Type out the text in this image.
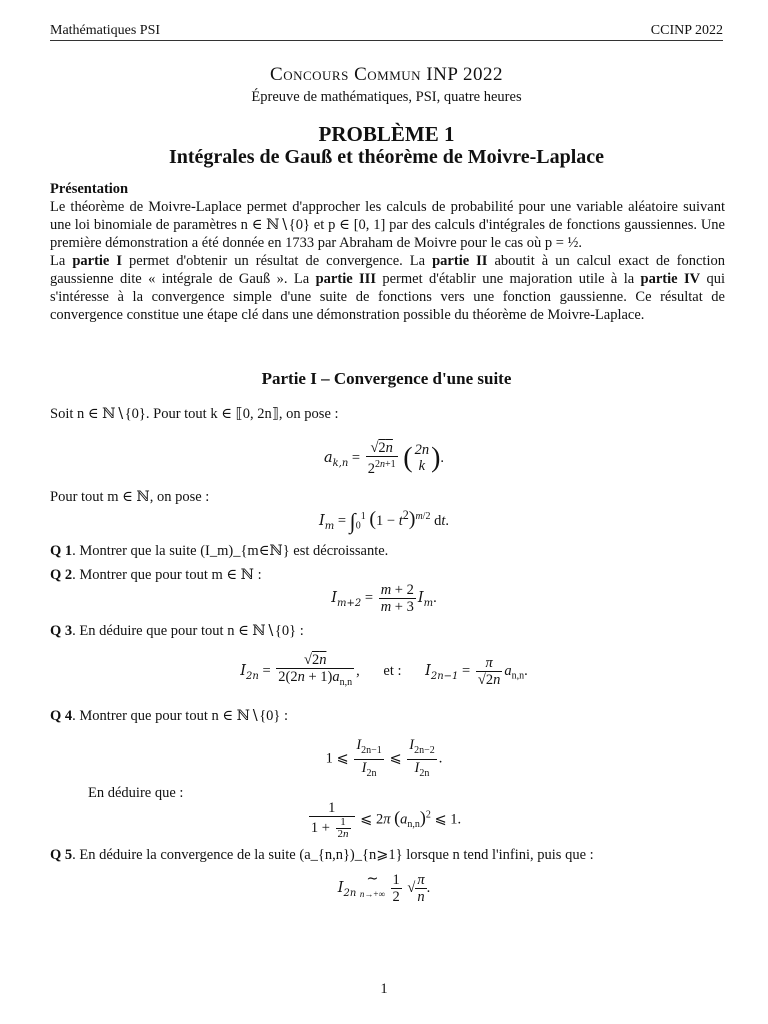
Mathématiques PSI	CCINP 2022
Concours Commun INP 2022
Épreuve de mathématiques, PSI, quatre heures
PROBLÈME 1
Intégrales de Gauß et théorème de Moivre-Laplace
Présentation
Le théorème de Moivre-Laplace permet d'approcher les calculs de probabilité pour une variable aléatoire suivant une loi binomiale de paramètres n ∈ ℕ∖{0} et p ∈ [0, 1] par des calculs d'intégrales de fonctions gaussiennes. Une première démonstration a été donnée en 1733 par Abraham de Moivre pour le cas où p = ½.
La partie I permet d'obtenir un résultat de convergence. La partie II aboutit à un calcul exact de fonction gaussienne dite « intégrale de Gauß ». La partie III permet d'établir une majoration utile à la partie IV qui s'intéresse à la convergence simple d'une suite de fonctions vers une fonction gaussienne. Ce résultat de convergence constitue une étape clé dans une démonstration possible du théorème de Moivre-Laplace.
Partie I – Convergence d'une suite
Soit n ∈ ℕ∖{0}. Pour tout k ∈ ⟦0, 2n⟧, on pose :
$a_{k,n} = \frac{√2n}{2^{2n+1}}$ ( 2n
k ).
Pour tout m ∈ ℕ, on pose :
$I_m = \int_0^1$ $(1 - t^2)^{m/2}$ dt.
Q 1. Montrer que la suite (I_m)_{m∈ℕ} est décroissante.
Q 2. Montrer que pour tout m ∈ ℕ :
$I_{m+2} = \frac{m + 2}{m + 3} I_m$.
Q 3. En déduire que pour tout n ∈ ℕ∖{0} :
$I_{2n} = \frac{√2n}{2(2n + 1)a_{n,n}}$ , et : $I_{2n-1} = \frac{\pi}{√2n} a_{n,n}$.
Q 4. Montrer que pour tout n ∈ ℕ∖{0} :
1 ⩽ $\frac{I_{2n-1}}{I_{2n}}$ ⩽ $\frac{I_{2n-2}}{I_{2n}}$ .
En déduire que :
$\frac{1}{1 + \frac{1}{2n}}$ ⩽ 2π $(a_{n,n})^2$ ⩽ 1.
Q 5. En déduire la convergence de la suite (a_{n,n})_{n⩾1} lorsque n tend l'infini, puis que :
$I_{2n}$ ∼
$n\to+\infty \frac{1}{2}$ √ $\frac{\pi}{n}$ .
1
